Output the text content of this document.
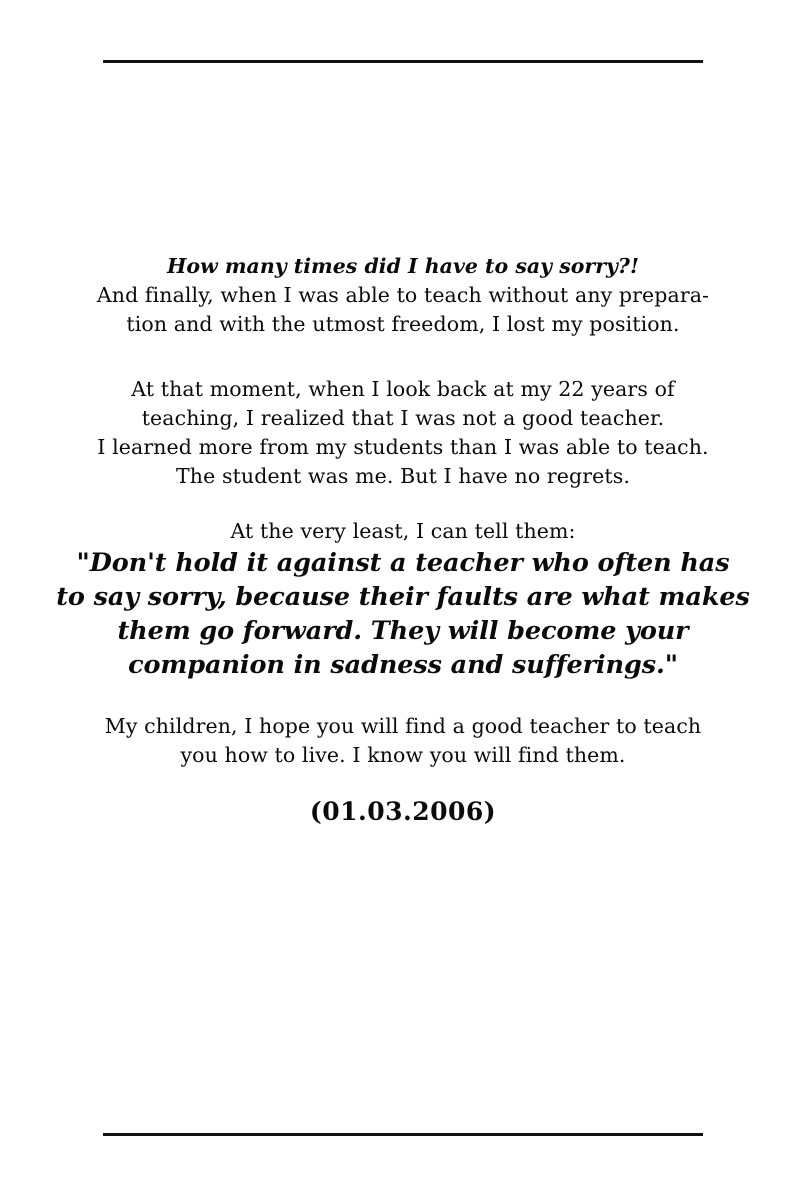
How many times did I have to say sorry?!
And finally, when I was able to teach without any prepara-
tion and with the utmost freedom, I lost my position.
At that moment, when I look back at my 22 years of
teaching, I realized that I was not a good teacher.
I learned more from my students than I was able to teach.
The student was me. But I have no regrets.
At the very least, I can tell them:
"Don't hold it against a teacher who often has
to say sorry, because their faults are what makes
them go forward. They will become your
companion in sadness and sufferings."
My children, I hope you will find a good teacher to teach
you how to live. I know you will find them.
(01.03.2006)
